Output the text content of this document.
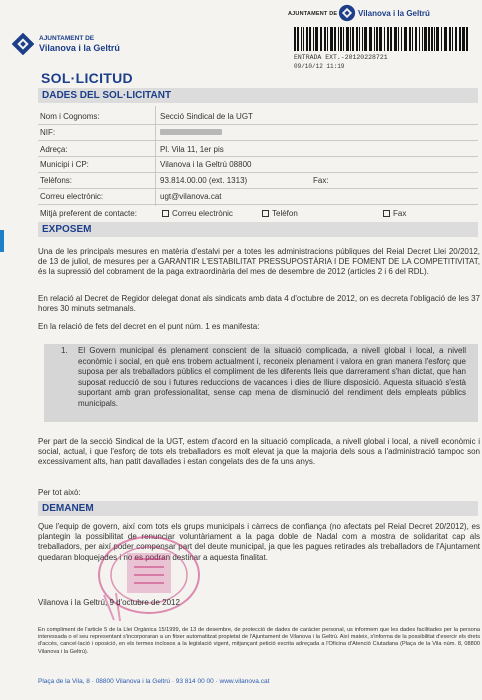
AJUNTAMENT DE	Vilanova i la Geltrú
ENTRADA EXT.-20120228721
09/10/12 11:19
AJUNTAMENT DE
Vilanova i la Geltrú
SOL·LICITUD
DADES DEL SOL·LICITANT
Nom i Cognoms:	Secció Sindical de la UGT
NIF:
Adreça:	Pl. Vila 11, 1er pis
Municipi i CP:	Vilanova i la Geltrú 08800
Telèfons:	93.814.00.00 (ext. 1313)	Fax:
Correu electrònic:	ugt@vilanova.cat
Mitjà preferent de contacte:	Correu electrònic	Telèfon	Fax
EXPOSEM
Una de les principals mesures en matèria d'estalvi per a totes les administracions públiques del Reial Decret Llei 20/2012, de 13 de juliol, de mesures per a GARANTIR L'ESTABILITAT PRESSUPOSTÀRIA I DE FOMENT DE LA COMPETITIVITAT, és la supressió del cobrament de la paga extraordinària del mes de desembre de 2012 (articles 2 i 6 del RDL).
En relació al Decret de Regidor delegat donat als sindicats amb data 4 d'octubre de 2012, on es decreta l'obligació de les 37 hores 30 minuts setmanals.
En la relació de fets del decret en el punt núm. 1 es manifesta:
1. El Govern municipal és plenament conscient de la situació complicada, a nivell global i local, a nivell econòmic i social, en què ens trobem actualment i, reconeix plenament i valora en gran manera l'esforç que suposa per als treballadors públics el compliment de les diferents lleis que darrerament s'han dictat, que han suposat reducció de sou i futures reduccions de vacances i dies de lliure disposició. Aquesta situació s'està suportant amb gran professionalitat, sense cap mena de disminució del rendiment dels empleats públics municipals.
Per part de la secció Sindical de la UGT, estem d'acord en la situació complicada, a nivell global i local, a nivell econòmic i social, actual, i que l'esforç de tots els treballadors es molt elevat ja que la majoria dels sous a l'administració tampoc son excessivament alts, han patit davallades i estan congelats des de fa uns anys.
Per tot això:
DEMANEM
Que l'equip de govern, així com tots els grups municipals i càrrecs de confiança (no afectats pel Reial Decret 20/2012), es plantegin la possibilitat de renunciar voluntàriament a la paga doble de Nadal com a mostra de solidaritat cap als treballadors, per així poder compensar part del deute municipal, ja que les pagues retirades als treballadors de l'Ajuntament quedaran bloquejades i no es podran destinar a aquesta finalitat.
Vilanova i la Geltrú, 9 d'octubre de 2012
En compliment de l'article 5 de la Llei Orgànica 15/1999, de 13 de desembre, de protecció de dades de caràcter personal, us informem que les dades facilitades per la persona interessada o el seu representant s'incorporaran a un fitxer automatitzat propietat de l'Ajuntament de Vilanova i la Geltrú. Així mateix, s'informa de la possibilitat d'exercir els drets d'accés, cancel·lació i oposició, en els termes inclosos a la legislació vigent, mitjançant petició escrita adreçada a l'Oficina d'Atenció Ciutadana (Plaça de la Vila núm. 8, 08800 Vilanova i la Geltrú).
Plaça de la Vila, 8 · 08800 Vilanova i la Geltrú · 93 814 00 00 · www.vilanova.cat
